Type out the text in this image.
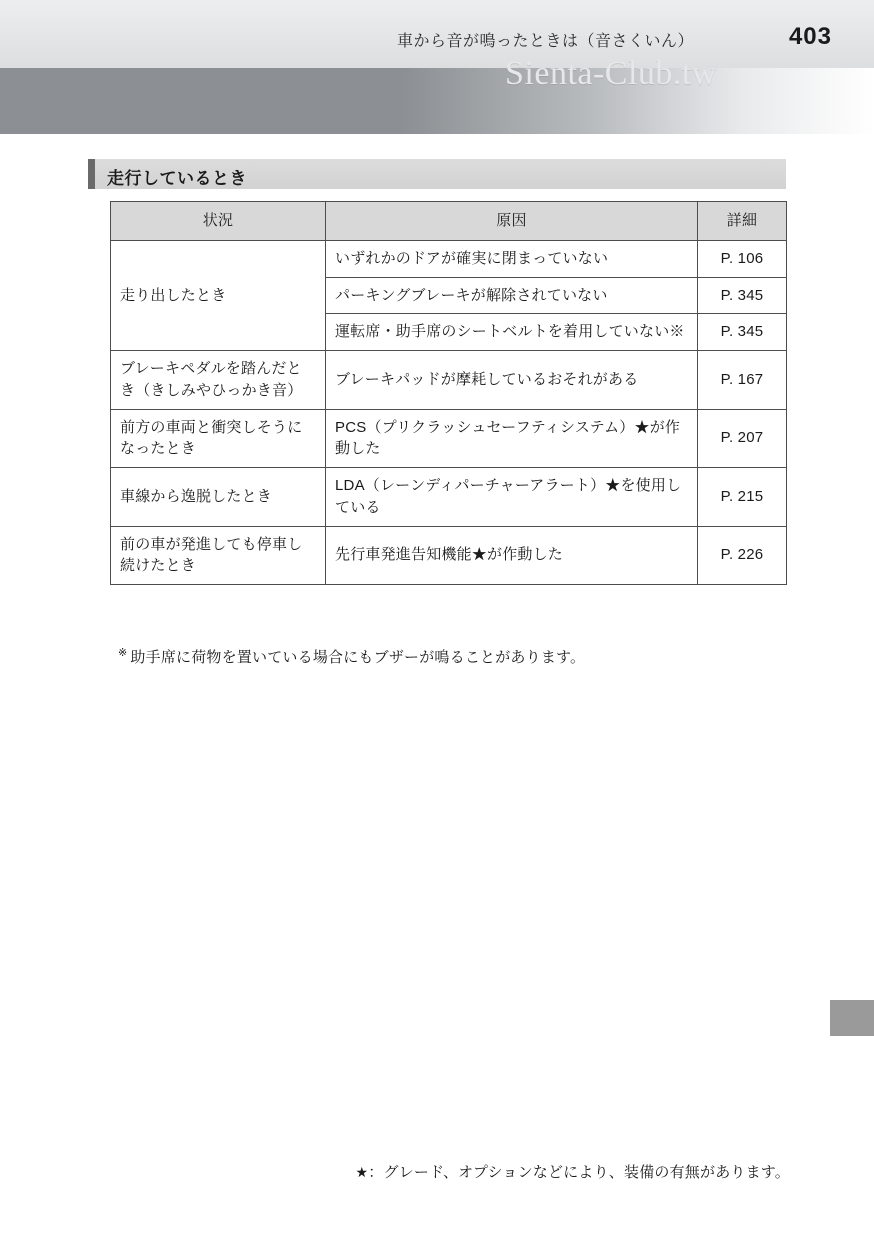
車から音が鳴ったときは（音さくいん）	403
Sienta-Club.tw
走行しているとき
状況	原因	詳細
走り出したとき	いずれかのドアが確実に閉まっていない	P. 106
	パーキングブレーキが解除されていない	P. 345
	運転席・助手席のシートベルトを着用していない※	P. 345
ブレーキペダルを踏んだとき（きしみやひっかき音）	ブレーキパッドが摩耗しているおそれがある	P. 167
前方の車両と衝突しそうになったとき	PCS（プリクラッシュセーフティシステム）★が作動した	P. 207
車線から逸脱したとき	LDA（レーンディパーチャーアラート）★を使用している	P. 215
前の車が発進しても停車し続けたとき	先行車発進告知機能★が作動した	P. 226
※ 助手席に荷物を置いている場合にもブザーが鳴ることがあります。
★：グレード、オプションなどにより、装備の有無があります。
